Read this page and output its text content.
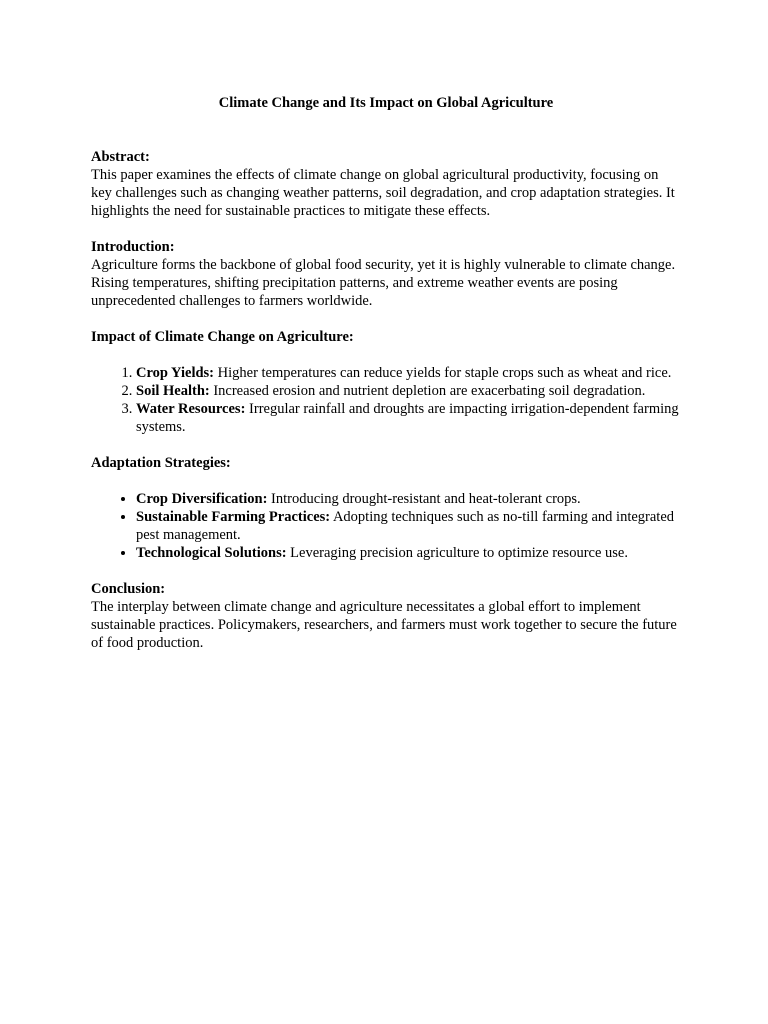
Climate Change and Its Impact on Global Agriculture
Abstract:

This paper examines the effects of climate change on global agricultural productivity, focusing on key challenges such as changing weather patterns, soil degradation, and crop adaptation strategies. It highlights the need for sustainable practices to mitigate these effects.

Introduction:

Agriculture forms the backbone of global food security, yet it is highly vulnerable to climate change. Rising temperatures, shifting precipitation patterns, and extreme weather events are posing unprecedented challenges to farmers worldwide.

Impact of Climate Change on Agriculture:
1. Crop Yields: Higher temperatures can reduce yields for staple crops such as wheat and rice.
2. Soil Health: Increased erosion and nutrient depletion are exacerbating soil degradation.
3. Water Resources: Irregular rainfall and droughts are impacting irrigation-dependent farming systems.
Adaptation Strategies:
• Crop Diversification: Introducing drought-resistant and heat-tolerant crops.
• Sustainable Farming Practices: Adopting techniques such as no-till farming and integrated pest management.
• Technological Solutions: Leveraging precision agriculture to optimize resource use.
Conclusion:

The interplay between climate change and agriculture necessitates a global effort to implement sustainable practices. Policymakers, researchers, and farmers must work together to secure the future of food production.
